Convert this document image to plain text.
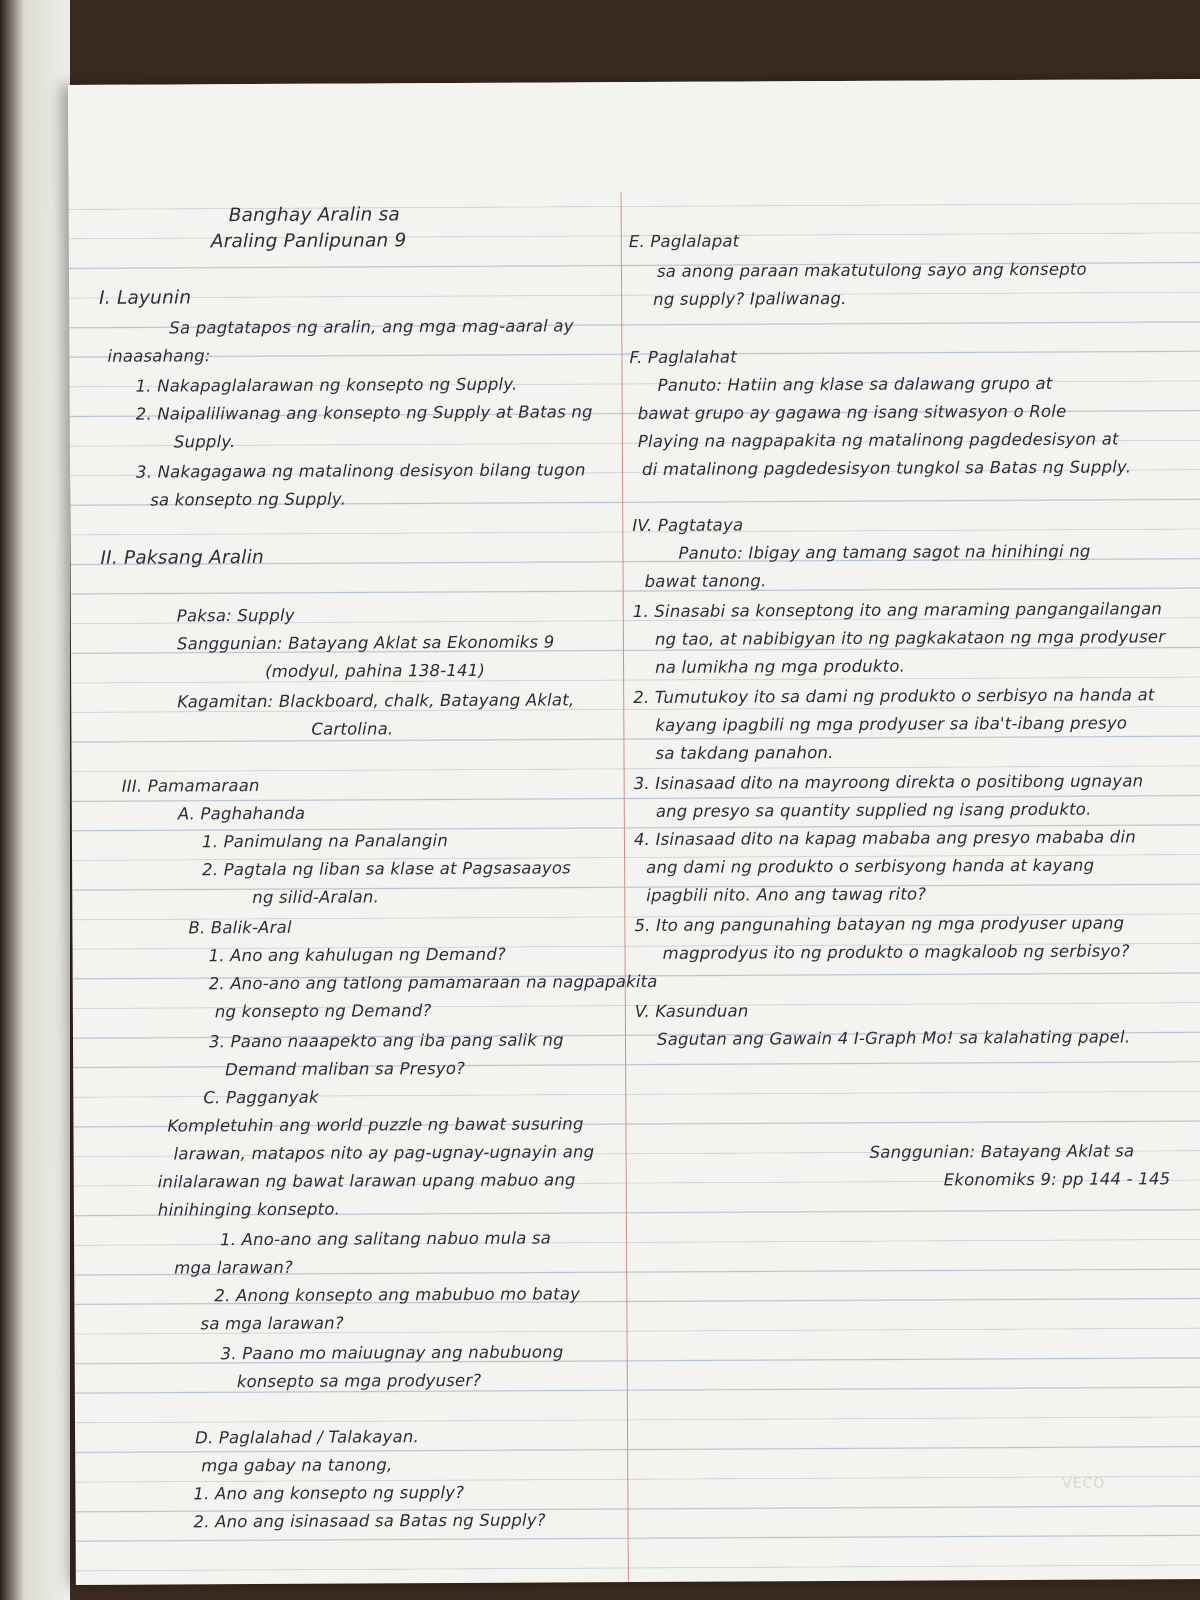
Banghay Aralin sa
Araling Panlipunan 9
I. Layunin
Sa pagtatapos ng aralin, ang mga mag-aaral ay
inaasahang:
1. Nakapaglalarawan ng konsepto ng Supply.
2. Naipaliliwanag ang konsepto ng Supply at Batas ng
Supply.
3. Nakagagawa ng matalinong desisyon bilang tugon
sa konsepto ng Supply.
II. Paksang Aralin
Paksa: Supply
Sanggunian: Batayang Aklat sa Ekonomiks 9
(modyul, pahina 138-141)
Kagamitan: Blackboard, chalk, Batayang Aklat,
Cartolina.
III. Pamamaraan
A. Paghahanda
1. Panimulang na Panalangin
2. Pagtala ng liban sa klase at Pagsasaayos
ng silid-Aralan.
B. Balik-Aral
1. Ano ang kahulugan ng Demand?
2. Ano-ano ang tatlong pamamaraan na nagpapakita
ng konsepto ng Demand?
3. Paano naaapekto ang iba pang salik ng
Demand maliban sa Presyo?
C. Pagganyak
Kompletuhin ang world puzzle ng bawat susuring
larawan, matapos nito ay pag-ugnay-ugnayin ang
inilalarawan ng bawat larawan upang mabuo ang
hinihinging konsepto.
1. Ano-ano ang salitang nabuo mula sa
mga larawan?
2. Anong konsepto ang mabubuo mo batay
sa mga larawan?
3. Paano mo maiuugnay ang nabubuong
konsepto sa mga prodyuser?
D. Paglalahad / Talakayan.
mga gabay na tanong,
1. Ano ang konsepto ng supply?
2. Ano ang isinasaad sa Batas ng Supply?
E. Paglalapat
sa anong paraan makatutulong sayo ang konsepto
ng supply? Ipaliwanag.
F. Paglalahat
Panuto: Hatiin ang klase sa dalawang grupo at
bawat grupo ay gagawa ng isang sitwasyon o Role
Playing na nagpapakita ng matalinong pagdedesisyon at
di matalinong pagdedesisyon tungkol sa Batas ng Supply.
IV. Pagtataya
Panuto: Ibigay ang tamang sagot na hinihingi ng
bawat tanong.
1. Sinasabi sa konseptong ito ang maraming pangangailangan
ng tao, at nabibigyan ito ng pagkakataon ng mga prodyuser
na lumikha ng mga produkto.
2. Tumutukoy ito sa dami ng produkto o serbisyo na handa at
kayang ipagbili ng mga prodyuser sa iba't-ibang presyo
sa takdang panahon.
3. Isinasaad dito na mayroong direkta o positibong ugnayan
ang presyo sa quantity supplied ng isang produkto.
4. Isinasaad dito na kapag mababa ang presyo mababa din
ang dami ng produkto o serbisyong handa at kayang
ipagbili nito. Ano ang tawag rito?
5. Ito ang pangunahing batayan ng mga prodyuser upang
magprodyus ito ng produkto o magkaloob ng serbisyo?
V. Kasunduan
Sagutan ang Gawain 4 I-Graph Mo! sa kalahating papel.
Sanggunian: Batayang Aklat sa
Ekonomiks 9: pp 144 - 145
VECO
